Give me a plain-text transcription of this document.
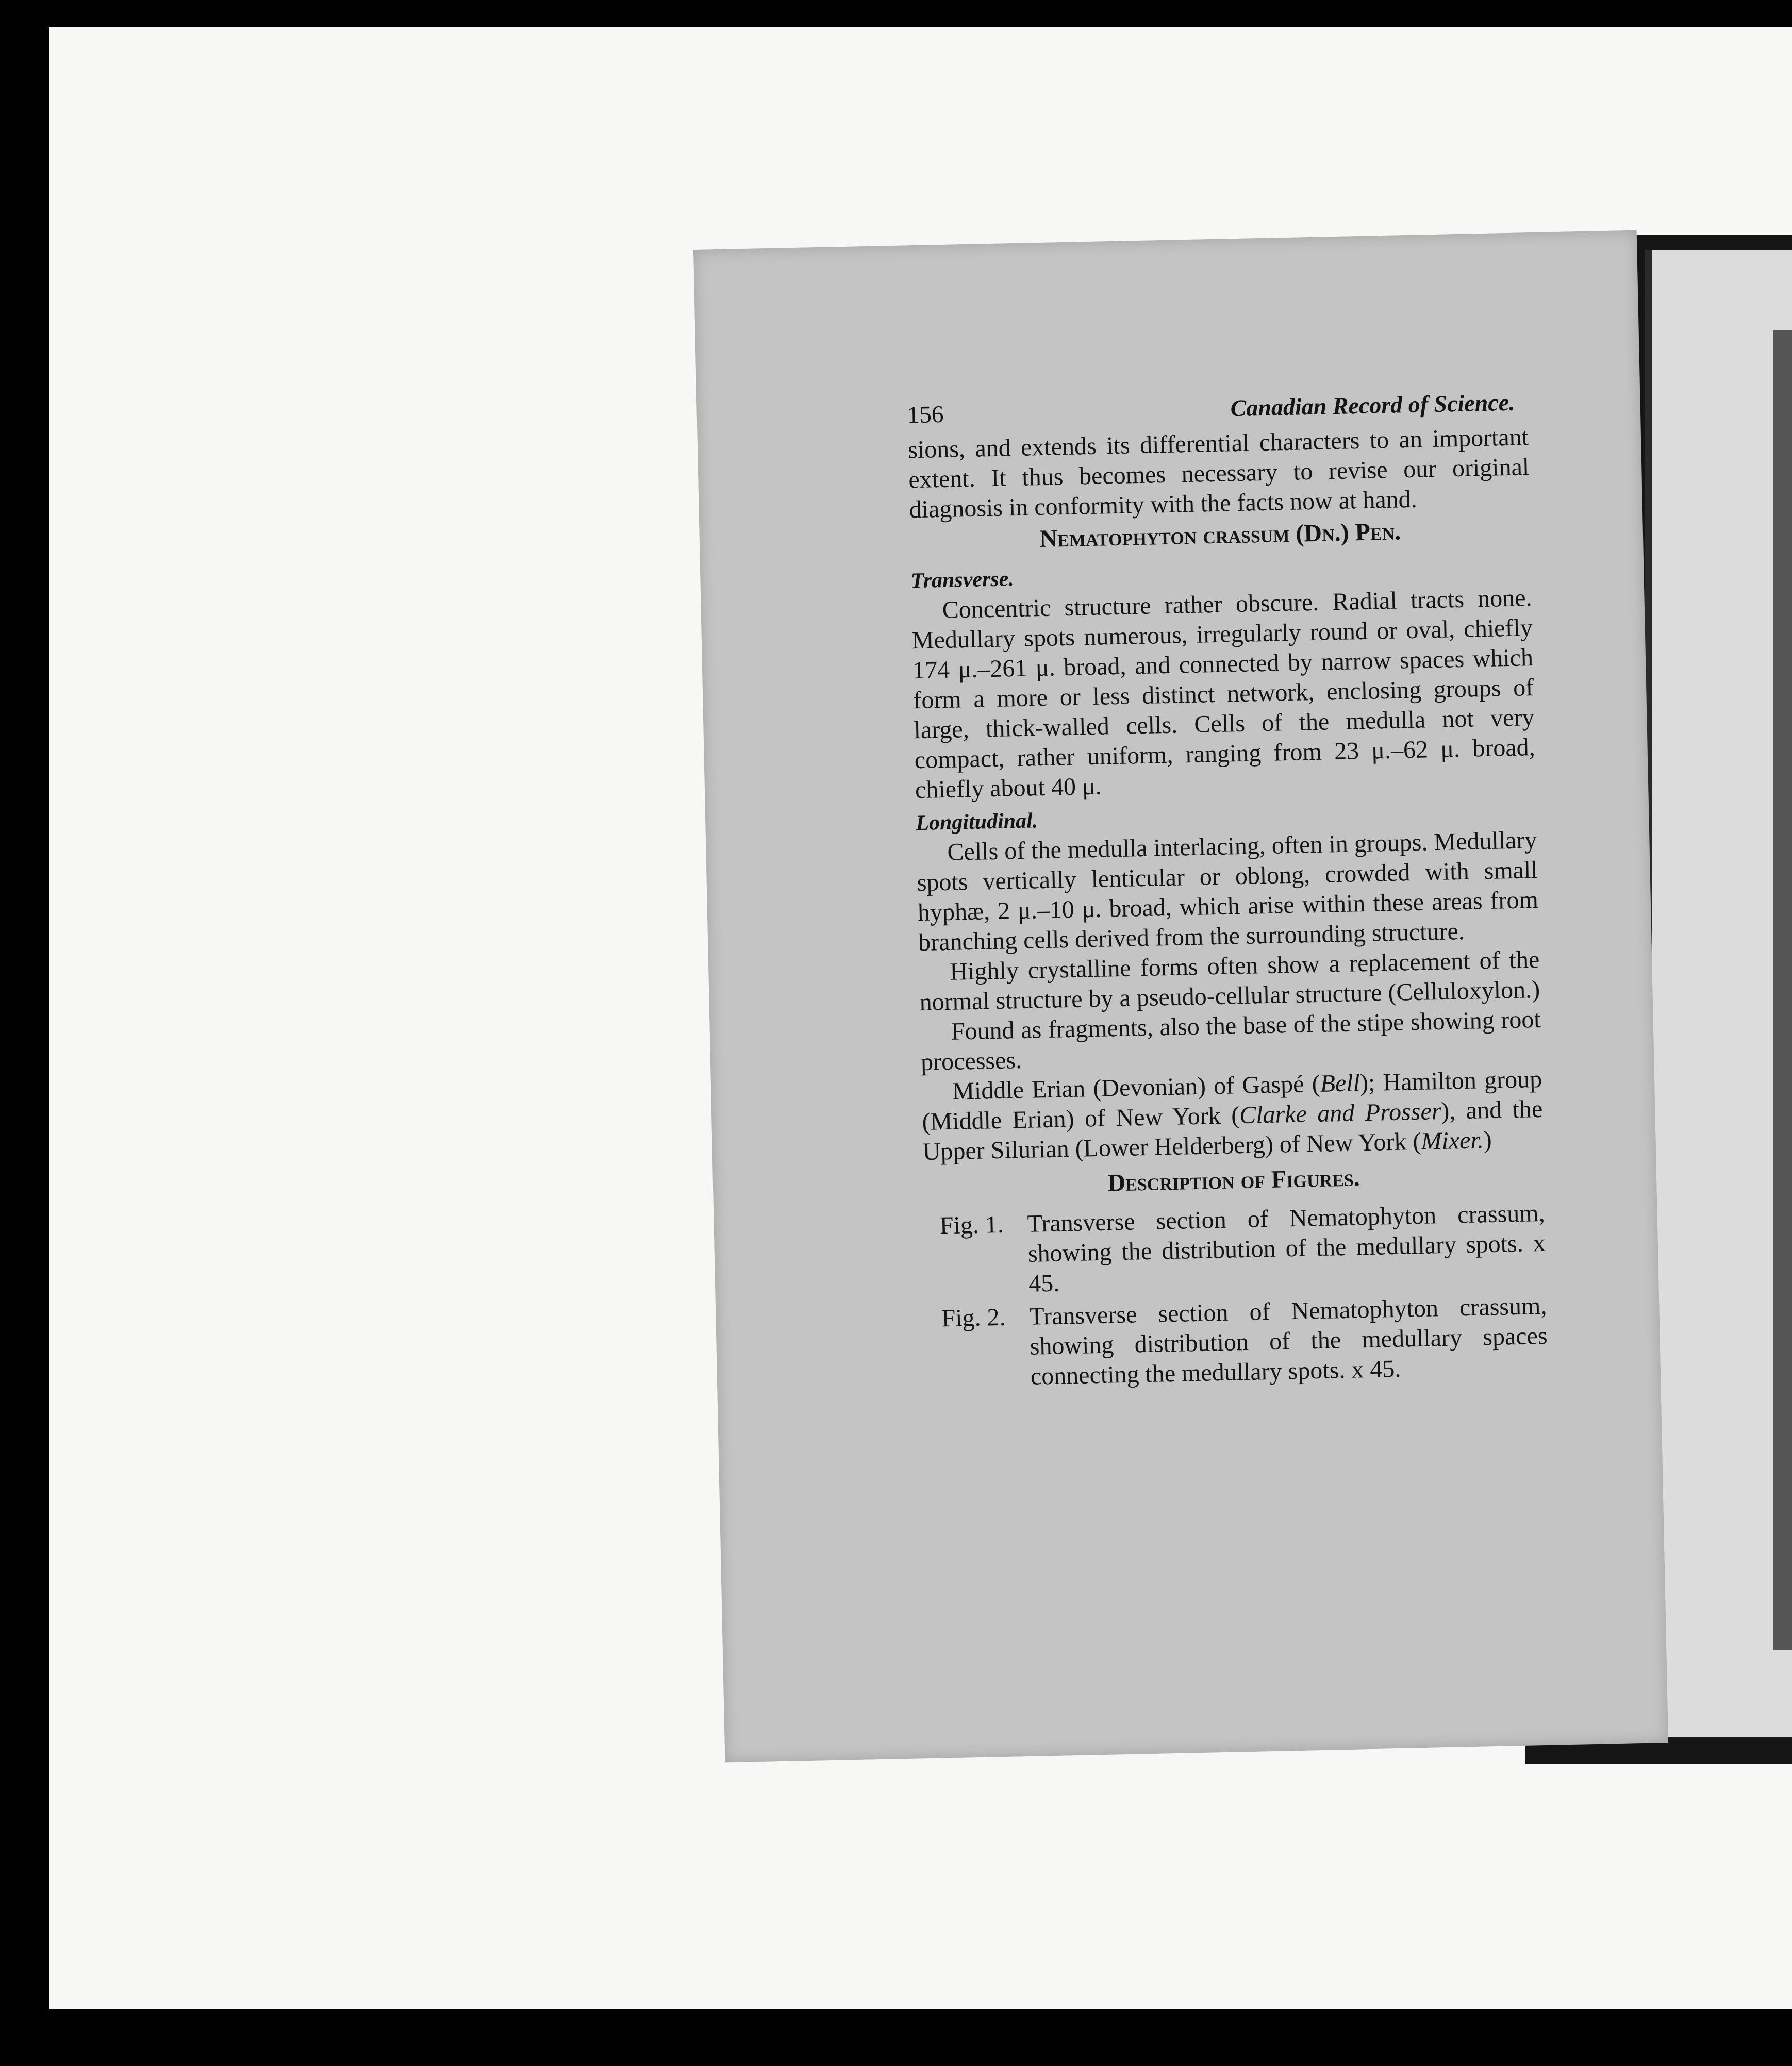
156	Canadian Record of Science.

sions, and extends its differential characters to an important extent. It thus becomes necessary to revise our original diagnosis in conformity with the facts now at hand.

Nematophyton crassum (Dn.) Pen.
Transverse.

Concentric structure rather obscure. Radial tracts none. Medullary spots numerous, irregularly round or oval, chiefly 174 μ.–261 μ. broad, and connected by narrow spaces which form a more or less distinct network, enclosing groups of large, thick-walled cells. Cells of the medulla not very compact, rather uniform, ranging from 23 μ.–62 μ. broad, chiefly about 40 μ.

Longitudinal.

Cells of the medulla interlacing, often in groups. Medullary spots vertically lenticular or oblong, crowded with small hyphæ, 2 μ.–10 μ. broad, which arise within these areas from branching cells derived from the surrounding structure.

Highly crystalline forms often show a replacement of the normal structure by a pseudo-cellular structure (Celluloxylon.)

Found as fragments, also the base of the stipe showing root processes.

Middle Erian (Devonian) of Gaspé (Bell); Hamilton group (Middle Erian) of New York (Clarke and Prosser), and the Upper Silurian (Lower Helderberg) of New York (Mixer.)

Description of Figures.
Fig. 1. Transverse section of Nematophyton crassum, showing the distribution of the medullary spots. x 45.
Fig. 2. Transverse section of Nematophyton crassum, showing distribution of the medullary spaces connecting the medullary spots. x 45.
